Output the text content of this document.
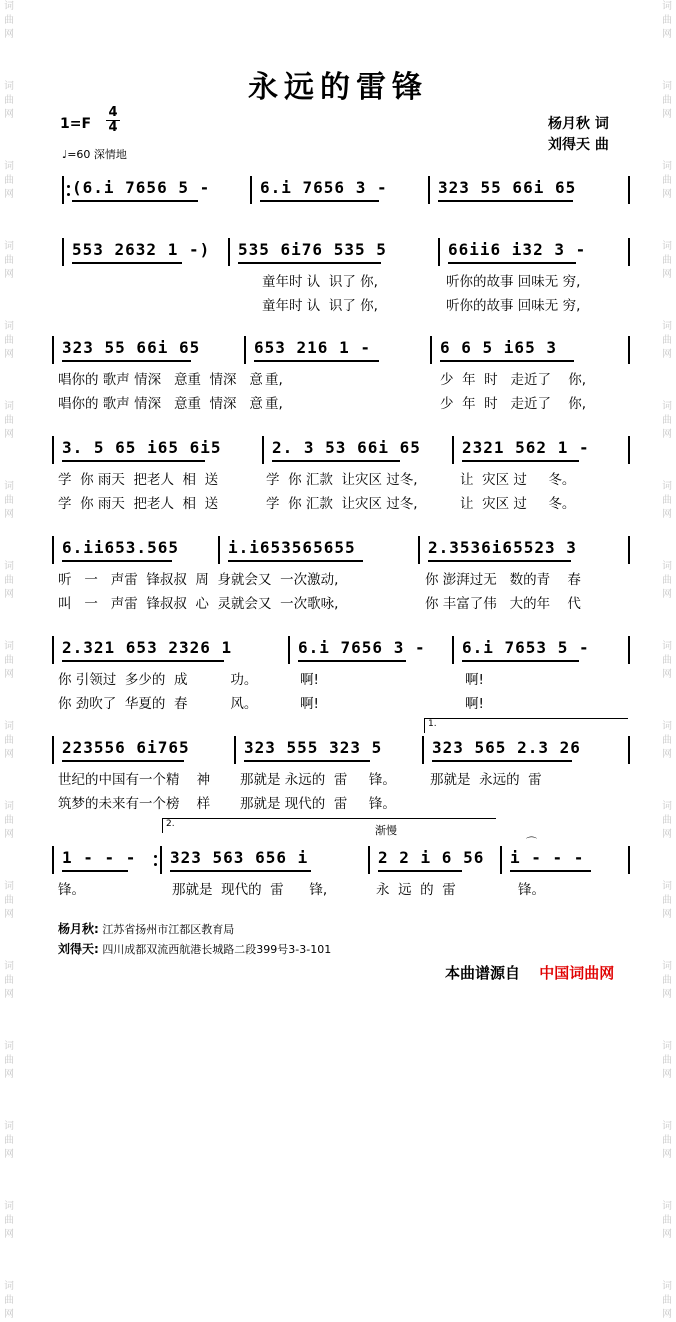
词
曲
网
词
曲
网
词
曲
网
词
曲
网
词
曲
网
词
曲
网
词
曲
网
词
曲
网
词
曲
网
词
曲
网
词
曲
网
词
曲
网
词
曲
网
词
曲
网
词
曲
网
词
曲
网
词
曲
网
词
曲
网
词
曲
网
词
曲
网
词
曲
网
词
曲
网
词
曲
网
词
曲
网
词
曲
网
词
曲
网
词
曲
网
词
曲
网
词
曲
网
词
曲
网
词
曲
网
词
曲
网
词
曲
网
词
曲
网
永远的雷锋
1=F
4
4
♩=60 深情地
杨月秋 词
刘得天 曲
(6.i 7656 5 -	6.i 7656 3 -	323 55 66i 65
553 2632 1 -) 535 6i76 535 5	66ii6 i32 3 -
童年时 认  识了 你,	听你的故事 回味无 穷,
童年时 认  识了 你,	听你的故事 回味无 穷,
323 55 66i 65	653 216 1 -	6 6 5 i65 3
唱你的 歌声 情深   意重  情深   意 重,	少  年  时   走近了    你,
唱你的 歌声 情深   意重  情深   意 重,	少  年  时   走近了    你,
3. 5 65 i65 6i5	2. 3 53 66i 65	2321 562 1 -
学  你 雨天  把老人  相  送	学  你 汇款  让灾区 过冬,	让  灾区 过     冬。
学  你 雨天  把老人  相  送	学  你 汇款  让灾区 过冬,	让  灾区 过     冬。
6.ii653.565	i.i653565655	2.3536i65523 3
听   一   声雷  锋叔叔  周  身就会又  一次激动,	你 澎湃过无   数的青    春
叫   一   声雷  锋叔叔  心  灵就会又  一次歌咏,	你 丰富了伟   大的年    代
2.321 653 2326 1	6.i 7656 3 - 6.i 7653 5 -
你 引领过  多少的  成          功。	啊!	啊!
你 劲吹了  华夏的  春          风。	啊!	啊!
223556 6i765	323 555 323 5	323 565 2.3 26
世纪的中国有一个精    神 那就是 永远的  雷     锋。	那就是  永远的  雷
筑梦的未来有一个榜    样 那就是 现代的  雷     锋。
1 - - - 323 563 656 i	2 2 i 6 56 i - - -
锋。	那就是  现代的  雷      锋,	永  远  的  雷	锋。
1.
2.	渐慢
⌒
杨月秋: 江苏省扬州市江都区教育局
刘得天: 四川成都双流西航港长城路二段399号3-3-101
本曲谱源自 中国词曲网
